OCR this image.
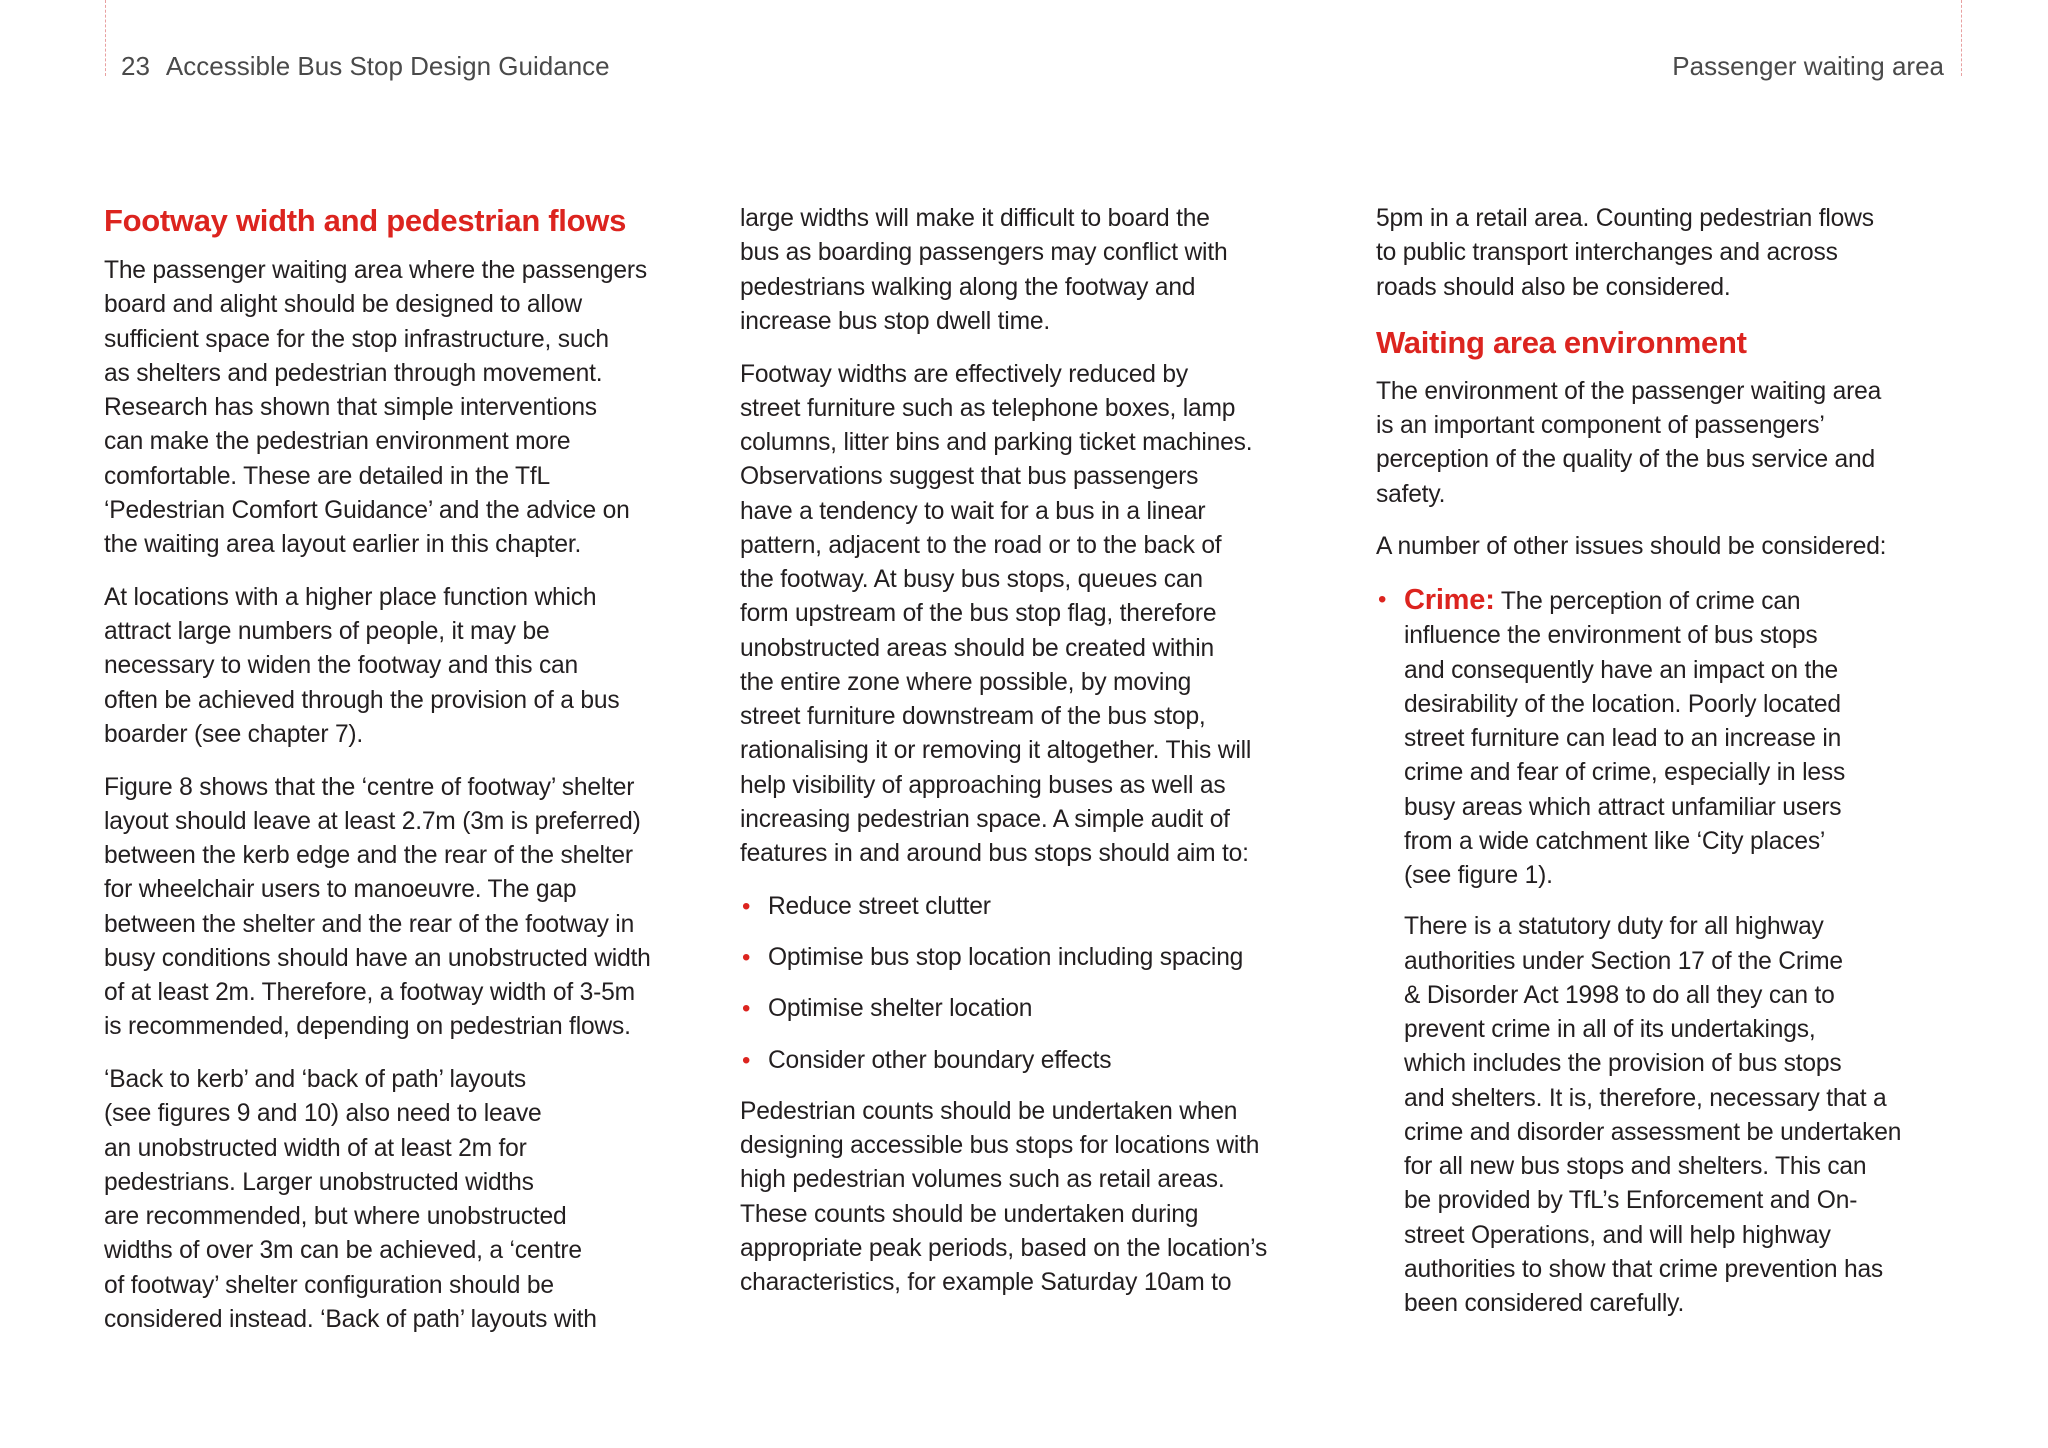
23 Accessible Bus Stop Design Guidance	Passenger waiting area
Footway width and pedestrian flows
The passenger waiting area where the passengers
board and alight should be designed to allow
sufficient space for the stop infrastructure, such
as shelters and pedestrian through movement.
Research has shown that simple interventions
can make the pedestrian environment more
comfortable. These are detailed in the TfL
‘Pedestrian Comfort Guidance’ and the advice on
the waiting area layout earlier in this chapter.
At locations with a higher place function which
attract large numbers of people, it may be
necessary to widen the footway and this can
often be achieved through the provision of a bus
boarder (see chapter 7).
Figure 8 shows that the ‘centre of footway’ shelter
layout should leave at least 2.7m (3m is preferred)
between the kerb edge and the rear of the shelter
for wheelchair users to manoeuvre. The gap
between the shelter and the rear of the footway in
busy conditions should have an unobstructed width
of at least 2m. Therefore, a footway width of 3-5m
is recommended, depending on pedestrian flows.
‘Back to kerb’ and ‘back of path’ layouts
(see figures 9 and 10) also need to leave
an unobstructed width of at least 2m for
pedestrians. Larger unobstructed widths
are recommended, but where unobstructed
widths of over 3m can be achieved, a ‘centre
of footway’ shelter configuration should be
considered instead. ‘Back of path’ layouts with
large widths will make it difficult to board the
bus as boarding passengers may conflict with
pedestrians walking along the footway and
increase bus stop dwell time.
Footway widths are effectively reduced by
street furniture such as telephone boxes, lamp
columns, litter bins and parking ticket machines.
Observations suggest that bus passengers
have a tendency to wait for a bus in a linear
pattern, adjacent to the road or to the back of
the footway. At busy bus stops, queues can
form upstream of the bus stop flag, therefore
unobstructed areas should be created within
the entire zone where possible, by moving
street furniture downstream of the bus stop,
rationalising it or removing it altogether. This will
help visibility of approaching buses as well as
increasing pedestrian space. A simple audit of
features in and around bus stops should aim to:
• Reduce street clutter
• Optimise bus stop location including spacing
• Optimise shelter location
• Consider other boundary effects
Pedestrian counts should be undertaken when
designing accessible bus stops for locations with
high pedestrian volumes such as retail areas.
These counts should be undertaken during
appropriate peak periods, based on the location’s
characteristics, for example Saturday 10am to
5pm in a retail area. Counting pedestrian flows
to public transport interchanges and across
roads should also be considered.
Waiting area environment
The environment of the passenger waiting area
is an important component of passengers’
perception of the quality of the bus service and
safety.
A number of other issues should be considered:
• Crime: The perception of crime can
influence the environment of bus stops
and consequently have an impact on the
desirability of the location. Poorly located
street furniture can lead to an increase in
crime and fear of crime, especially in less
busy areas which attract unfamiliar users
from a wide catchment like ‘City places’
(see figure 1).
There is a statutory duty for all highway
authorities under Section 17 of the Crime
& Disorder Act 1998 to do all they can to
prevent crime in all of its undertakings,
which includes the provision of bus stops
and shelters. It is, therefore, necessary that a
crime and disorder assessment be undertaken
for all new bus stops and shelters. This can
be provided by TfL’s Enforcement and On-
street Operations, and will help highway
authorities to show that crime prevention has
been considered carefully.
